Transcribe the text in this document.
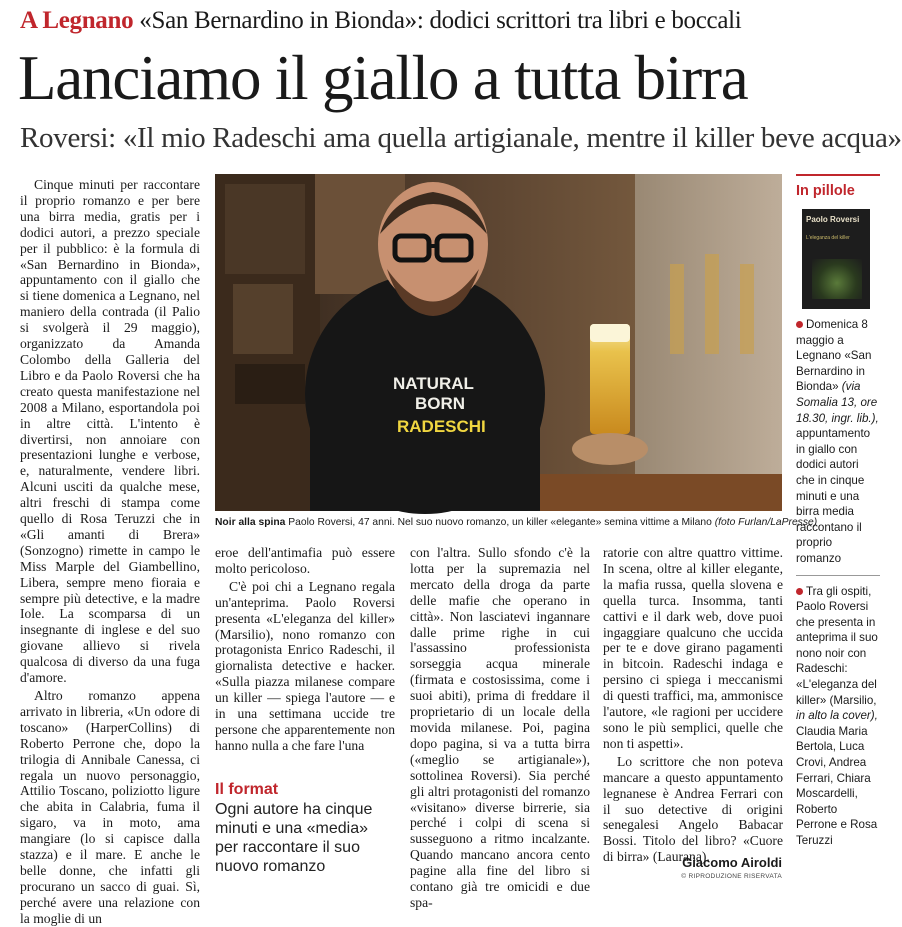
A Legnano «San Bernardino in Bionda»: dodici scrittori tra libri e boccali
Lanciamo il giallo a tutta birra
Roversi: «Il mio Radeschi ama quella artigianale, mentre il killer beve acqua»

Cinque minuti per raccontare il proprio romanzo e per bere una birra media, gratis per i dodici autori, a prezzo speciale per il pubblico: è la formula di «San Bernardino in Bionda», appuntamento con il giallo che si tiene domenica a Legnano, nel maniero della contrada (il Palio si svolgerà il 29 maggio), organizzato da Amanda Colombo della Galleria del Libro e da Paolo Roversi che ha creato questa manifestazione nel 2008 a Milano, esportandola poi in altre città. L'intento è divertirsi, non annoiare con presentazioni lunghe e verbose, e, naturalmente, vendere libri. Alcuni usciti da qualche mese, altri freschi di stampa come quello di Rosa Teruzzi che in «Gli amanti di Brera» (Sonzogno) rimette in campo le Miss Marple del Giambellino, Libera, sempre meno fioraia e sempre più detective, e la madre Iole. La scomparsa di un insegnante di inglese e del suo giovane allievo si rivela qualcosa di diverso da una fuga d'amore.

Altro romanzo appena arrivato in libreria, «Un odore di toscano» (HarperCollins) di Roberto Perrone che, dopo la trilogia di Annibale Canessa, ci regala un nuovo personaggio, Attilio Toscano, poliziotto ligure che abita in Calabria, fuma il sigaro, va in moto, ama mangiare (lo si capisce dalla stazza) e il mare. E anche le belle donne, che infatti gli procurano un sacco di guai. Sì, perché avere una relazione con la moglie di un

NATURAL
BORN
RADESCHI
Noir alla spina Paolo Roversi, 47 anni. Nel suo nuovo romanzo, un killer «elegante» semina vittime a Milano (foto Furlan/LaPresse)

eroe dell'antimafia può essere molto pericoloso.

C'è poi chi a Legnano regala un'anteprima. Paolo Roversi presenta «L'eleganza del killer» (Marsilio), nono romanzo con protagonista Enrico Radeschi, il giornalista detective e hacker. «Sulla piazza milanese compare un killer — spiega l'autore — e in una settimana uccide tre persone che apparentemente non hanno nulla a che fare l'una

Il format
Ogni autore ha cinque minuti e una «media» per raccontare il suo nuovo romanzo

con l'altra. Sullo sfondo c'è la lotta per la supremazia nel mercato della droga da parte delle mafie che operano in città». Non lasciatevi ingannare dalle prime righe in cui l'assassino professionista sorseggia acqua minerale (firmata e costosissima, come i suoi abiti), prima di freddare il proprietario di un locale della movida milanese. Poi, pagina dopo pagina, si va a tutta birra («meglio se artigianale»), sottolinea Roversi). Sia perché gli altri protagonisti del romanzo «visitano» diverse birrerie, sia perché i colpi di scena si susseguono a ritmo incalzante. Quando mancano ancora cento pagine alla fine del libro si contano già tre omicidi e due spa-

ratorie con altre quattro vittime. In scena, oltre al killer elegante, la mafia russa, quella slovena e quella turca. Insomma, tanti cattivi e il dark web, dove puoi ingaggiare qualcuno che uccida per te e dove girano pagamenti in bitcoin. Radeschi indaga e persino ci spiega i meccanismi di questi traffici, ma, ammonisce l'autore, «le ragioni per uccidere sono le più semplici, quelle che non ti aspetti».

Lo scrittore che non poteva mancare a questo appuntamento legnanese è Andrea Ferrari con il suo detective di origini senegalesi Angelo Babacar Bossi. Titolo del libro? «Cuore di birra» (Laurana).

Giacomo Airoldi
© RIPRODUZIONE RISERVATA
In pillole
Paolo Roversi
L'eleganza del killer
Domenica 8 maggio a Legnano «San Bernardino in Bionda» (via Somalia 13, ore 18.30, ingr. lib.), appuntamento in giallo con dodici autori che in cinque minuti e una birra media raccontano il proprio romanzo
Tra gli ospiti, Paolo Roversi che presenta in anteprima il suo nono noir con Radeschi: «L'eleganza del killer» (Marsilio, in alto la cover), Claudia Maria Bertola, Luca Crovi, Andrea Ferrari, Chiara Moscardelli, Roberto Perrone e Rosa Teruzzi
